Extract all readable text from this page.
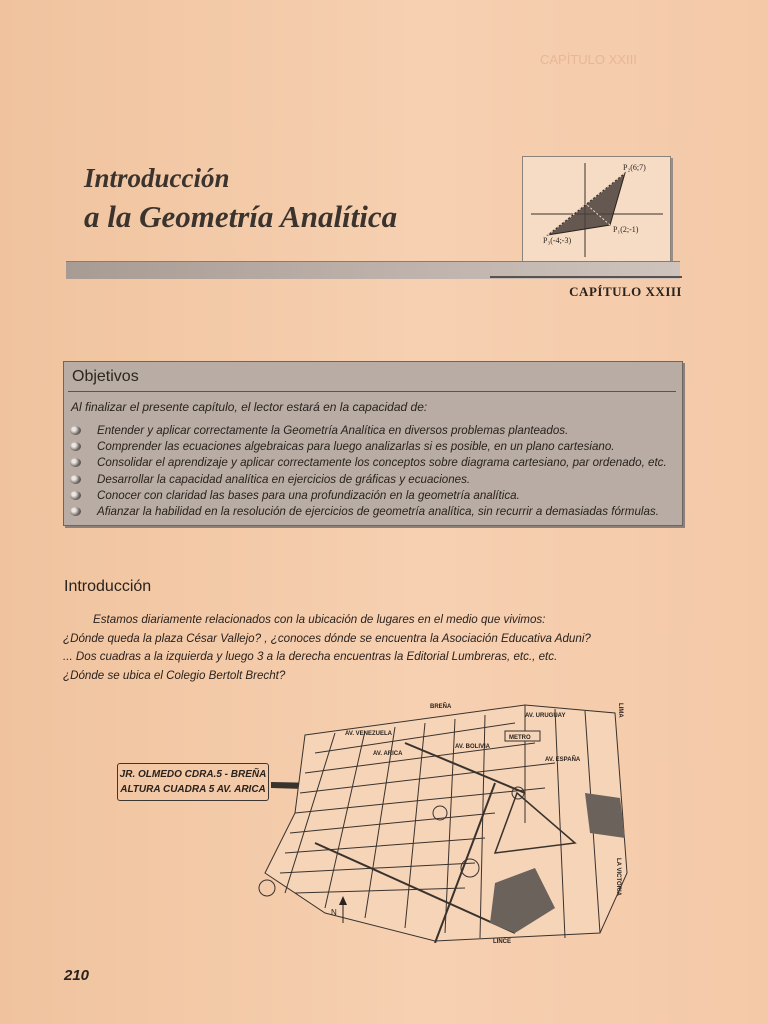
CAPÍTULO XXIII
Introducción
a la Geometría Analítica
P₂(6;7)
P₁(2;-1)
P₃(-4;-3)
CAPÍTULO XXIII
Objetivos
Al finalizar el presente capítulo, el lector estará en la capacidad de:
Entender y aplicar correctamente la Geometría Analítica en diversos problemas planteados.
Comprender las ecuaciones algebraicas para luego analizarlas si es posible, en un plano cartesiano.
Consolidar el aprendizaje y aplicar correctamente los conceptos sobre diagrama cartesiano, par ordenado, etc.
Desarrollar la capacidad analítica en ejercicios de gráficas y ecuaciones.
Conocer con claridad las bases para una profundización en la geometría analítica.
Afianzar la habilidad en la resolución de ejercicios de geometría analítica, sin recurrir a demasiadas fórmulas.
Introducción
Estamos diariamente relacionados con la ubicación de lugares en el medio que vivimos:
¿Dónde queda la plaza César Vallejo? , ¿conoces dónde se encuentra la Asociación Educativa Aduni?
... Dos cuadras a la izquierda y luego 3 a la derecha encuentras la Editorial Lumbreras, etc., etc.
¿Dónde se ubica el Colegio Bertolt Brecht?
JR. OLMEDO CDRA.5 - BREÑA
ALTURA CUADRA 5 AV. ARICA
BREÑA
AV. VENEZUELA
AV. URUGUAY
AV. BOLIVIA
AV. ARICA
AV. ESPAÑA
METRO
LINCE
LIMA
LA VICTORIA
N
210
